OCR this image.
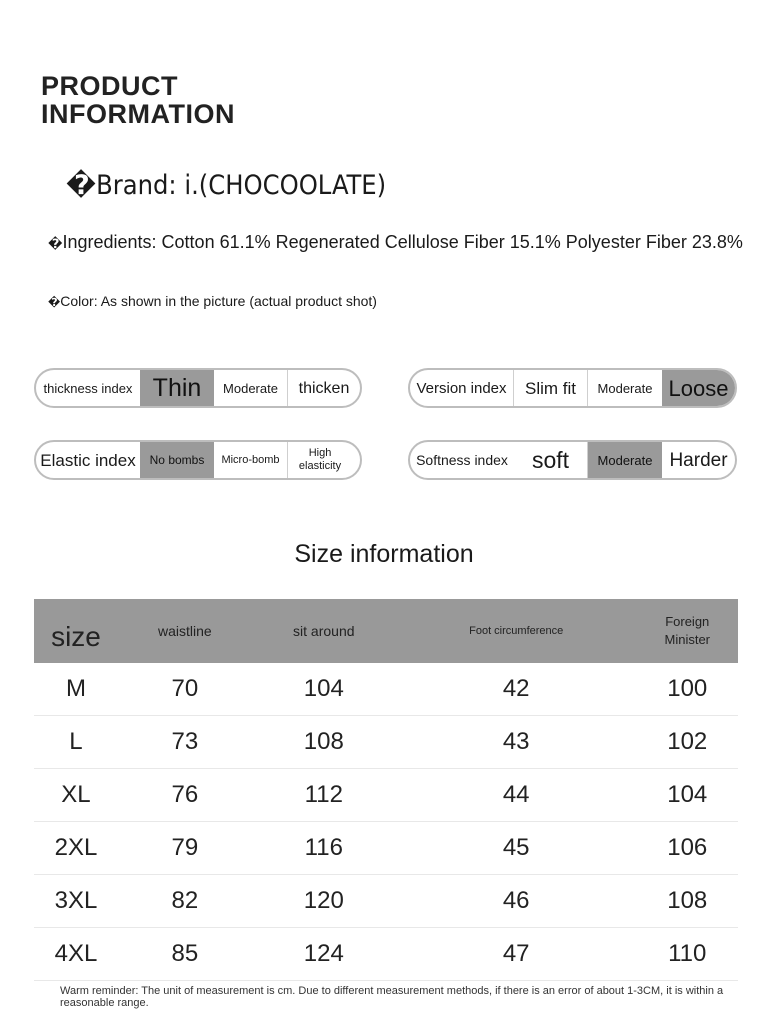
PRODUCT
INFORMATION
�Brand: i.(CHOCOOLATE)
�Ingredients: Cotton 61.1% Regenerated Cellulose Fiber 15.1% Polyester Fiber 23.8%
�Color: As shown in the picture (actual product shot)
thickness index Thin	Moderate	thicken	Version index	Slim fit	Moderate Loose
Elastic index	No bombs	Micro-bomb
High elasticity	Softness index	soft	Moderate Harder
Size information
size	waistline	sit around	Foot circumference	Foreign Minister
M	70	104	42	100
L	73	108	43	102
XL	76	112	44	104
2XL	79	116	45	106
3XL	82	120	46	108
4XL	85	124	47	110
Warm reminder: The unit of measurement is cm. Due to different measurement methods, if there is an error of about 1-3CM, it is within a reasonable range.
